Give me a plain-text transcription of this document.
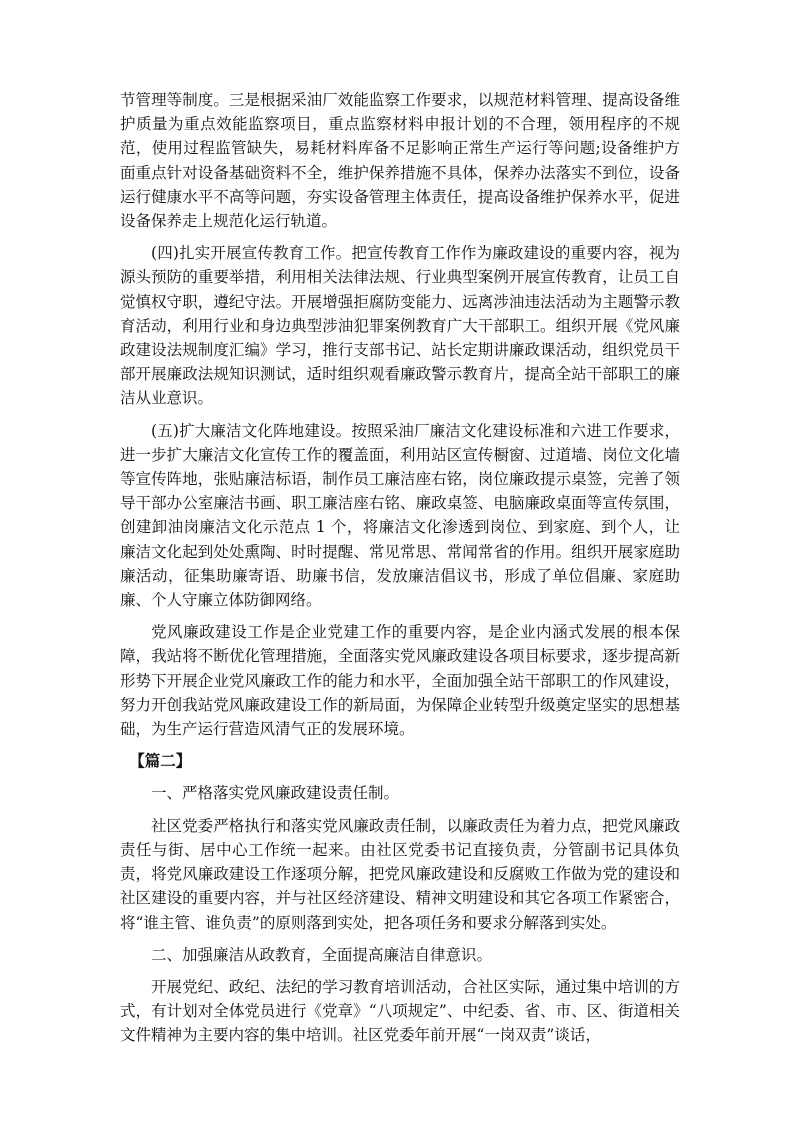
节管理等制度。三是根据采油厂效能监察工作要求，以规范材料管理、提高设备维护质量为重点效能监察项目，重点监察材料申报计划的不合理，领用程序的不规范，使用过程监管缺失，易耗材料库备不足影响正常生产运行等问题;设备维护方面重点针对设备基础资料不全，维护保养措施不具体，保养办法落实不到位，设备运行健康水平不高等问题，夯实设备管理主体责任，提高设备维护保养水平，促进设备保养走上规范化运行轨道。

(四)扎实开展宣传教育工作。把宣传教育工作作为廉政建设的重要内容，视为源头预防的重要举措，利用相关法律法规、行业典型案例开展宣传教育，让员工自觉慎权守职，遵纪守法。开展增强拒腐防变能力、远离涉油违法活动为主题警示教育活动，利用行业和身边典型涉油犯罪案例教育广大干部职工。组织开展《党风廉政建设法规制度汇编》学习，推行支部书记、站长定期讲廉政课活动，组织党员干部开展廉政法规知识测试，适时组织观看廉政警示教育片，提高全站干部职工的廉洁从业意识。

(五)扩大廉洁文化阵地建设。按照采油厂廉洁文化建设标准和六进工作要求，进一步扩大廉洁文化宣传工作的覆盖面，利用站区宣传橱窗、过道墙、岗位文化墙等宣传阵地，张贴廉洁标语，制作员工廉洁座右铭，岗位廉政提示桌签，完善了领导干部办公室廉洁书画、职工廉洁座右铭、廉政桌签、电脑廉政桌面等宣传氛围，创建卸油岗廉洁文化示范点 1 个，将廉洁文化渗透到岗位、到家庭、到个人，让廉洁文化起到处处熏陶、时时提醒、常见常思、常闻常省的作用。组织开展家庭助廉活动，征集助廉寄语、助廉书信，发放廉洁倡议书，形成了单位倡廉、家庭助廉、个人守廉立体防御网络。

党风廉政建设工作是企业党建工作的重要内容，是企业内涵式发展的根本保障，我站将不断优化管理措施，全面落实党风廉政建设各项目标要求，逐步提高新形势下开展企业党风廉政工作的能力和水平，全面加强全站干部职工的作风建设，努力开创我站党风廉政建设工作的新局面，为保障企业转型升级奠定坚实的思想基础，为生产运行营造风清气正的发展环境。

【篇二】

一、严格落实党风廉政建设责任制。

社区党委严格执行和落实党风廉政责任制，以廉政责任为着力点，把党风廉政责任与街、居中心工作统一起来。由社区党委书记直接负责，分管副书记具体负责，将党风廉政建设工作逐项分解，把党风廉政建设和反腐败工作做为党的建设和社区建设的重要内容，并与社区经济建设、精神文明建设和其它各项工作紧密合，将“谁主管、谁负责”的原则落到实处，把各项任务和要求分解落到实处。

二、加强廉洁从政教育，全面提高廉洁自律意识。

开展党纪、政纪、法纪的学习教育培训活动，合社区实际，通过集中培训的方式，有计划对全体党员进行《党章》“八项规定”、中纪委、省、市、区、街道相关文件精神为主要内容的集中培训。社区党委年前开展“一岗双责”谈话，
